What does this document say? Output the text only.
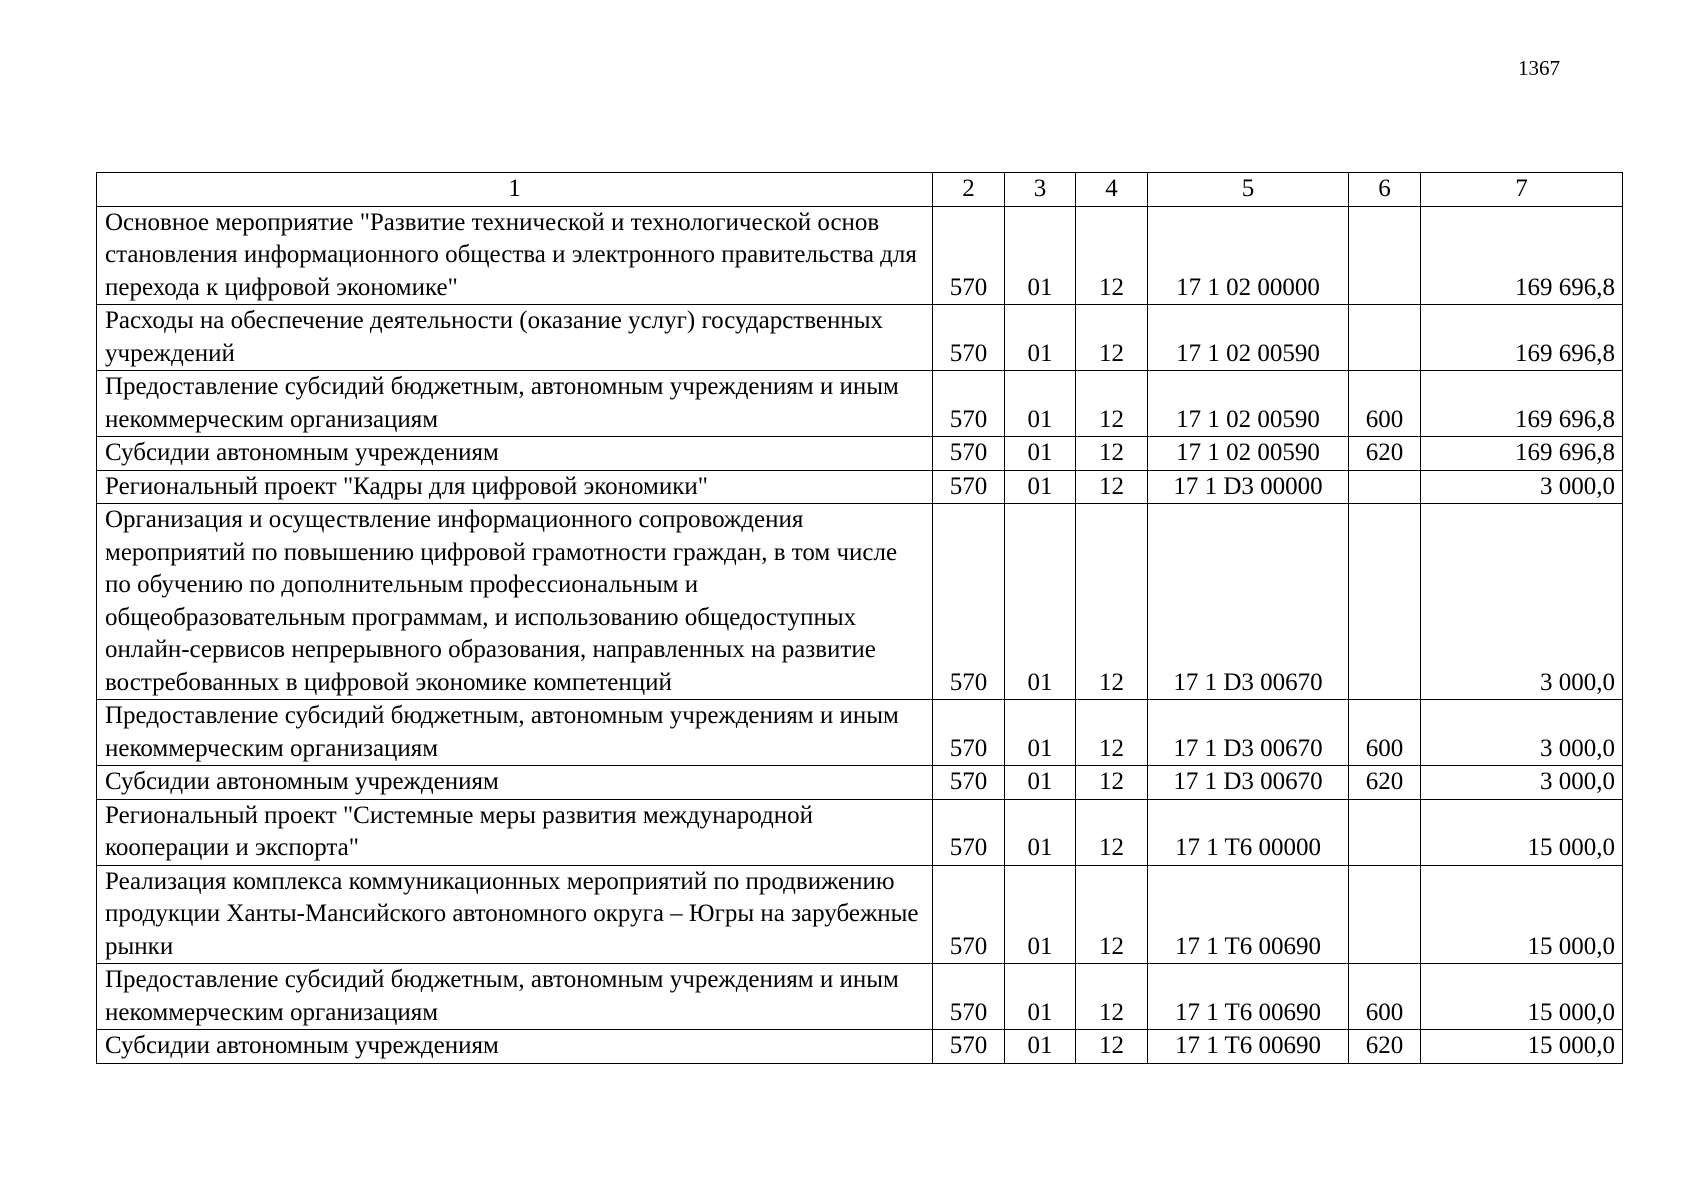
1367
1	2	3	4	5	6	7
Основное мероприятие "Развитие технической и технологической основ становления информационного общества и электронного правительства для перехода к цифровой экономике"	570	01	12	17 1 02 00000		169 696,8
Расходы на обеспечение деятельности (оказание услуг) государственных учреждений	570	01	12	17 1 02 00590		169 696,8
Предоставление субсидий бюджетным, автономным учреждениям и иным некоммерческим организациям	570	01	12	17 1 02 00590	600	169 696,8
Субсидии автономным учреждениям	570	01	12	17 1 02 00590	620	169 696,8
Региональный проект "Кадры для цифровой экономики"	570	01	12	17 1 D3 00000		3 000,0
Организация и осуществление информационного сопровождения мероприятий по повышению цифровой грамотности граждан, в том числе по обучению по дополнительным профессиональным и общеобразовательным программам, и использованию общедоступных онлайн-сервисов непрерывного образования, направленных на развитие востребованных в цифровой экономике компетенций	570	01	12	17 1 D3 00670		3 000,0
Предоставление субсидий бюджетным, автономным учреждениям и иным некоммерческим организациям	570	01	12	17 1 D3 00670	600	3 000,0
Субсидии автономным учреждениям	570	01	12	17 1 D3 00670	620	3 000,0
Региональный проект "Системные меры развития международной кооперации и экспорта"	570	01	12	17 1 T6 00000		15 000,0
Реализация комплекса коммуникационных мероприятий по продвижению продукции Ханты-Мансийского автономного округа – Югры на зарубежные рынки	570	01	12	17 1 T6 00690		15 000,0
Предоставление субсидий бюджетным, автономным учреждениям и иным некоммерческим организациям	570	01	12	17 1 T6 00690	600	15 000,0
Субсидии автономным учреждениям	570	01	12	17 1 T6 00690	620	15 000,0
